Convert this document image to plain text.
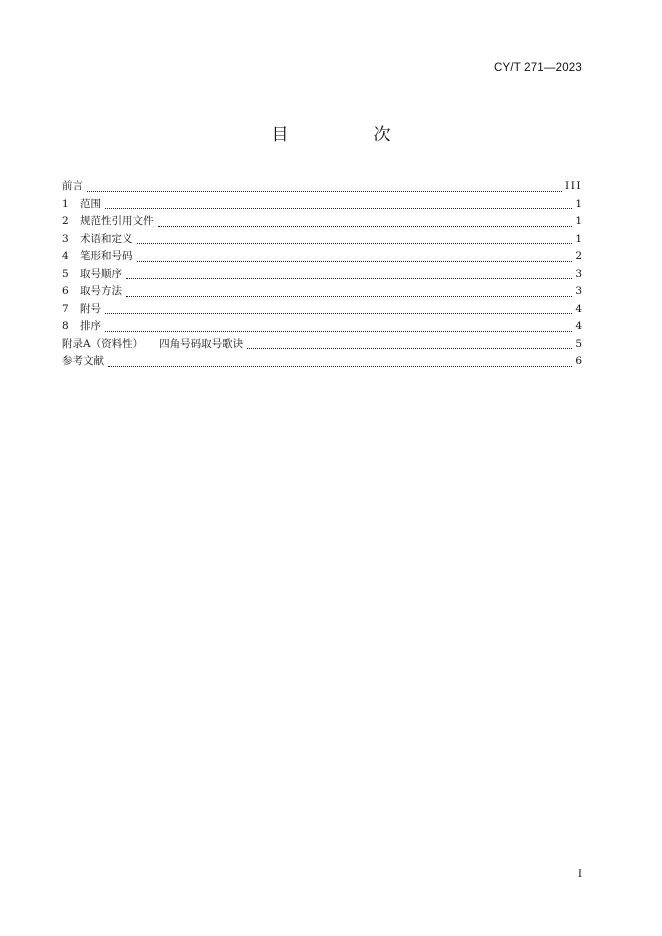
CY/T 271—2023
目　次
前言	III
1	范围	1
2	规范性引用文件	1
3	术语和定义	1
4	笔形和号码	2
5	取号顺序	3
6	取号方法	3
7	附号	4
8	排序	4
附录A（资料性） 四角号码取号歌诀	5
参考文献	6
I
